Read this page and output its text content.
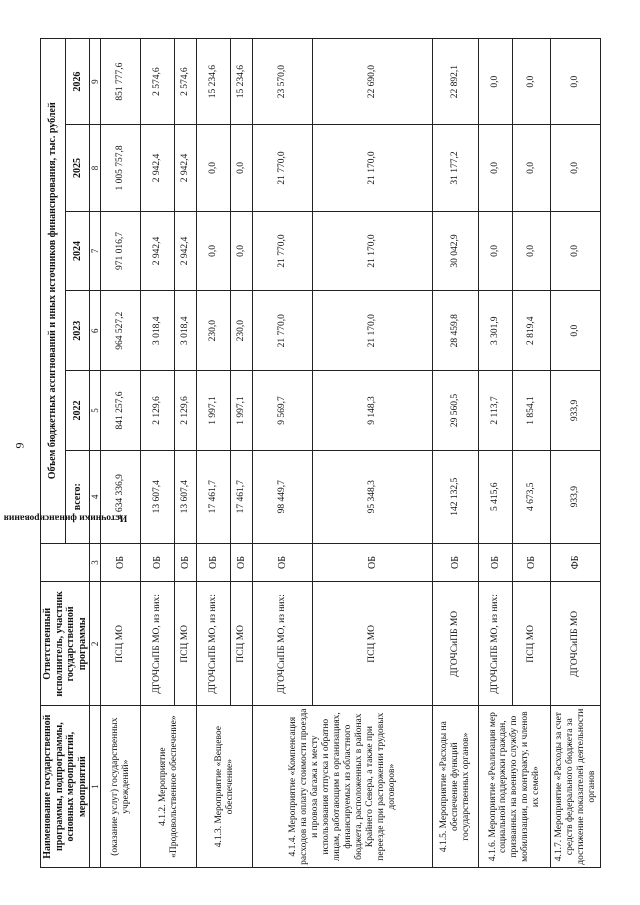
9
Наименование государственной программы, подпрограммы, основных мероприятий, мероприятий	Ответственный исполнитель, участник государственной программы	Источники финансирования	Объем бюджетных ассигнований и иных источников финансирования, тыс. рублей					
			всего:	2022	2023	2024	2025	2026
1	2	3	4	5	6	7	8	9
(оказание услуг) государственных учреждений»	ПСЦ МО	ОБ	4 634 336,9	841 257,6	964 527,2	971 016,7	1 005 757,8	851 777,6
4.1.2. Мероприятие «Продовольственное обеспечение»	ДГОЧСиПБ МО, из них:	ОБ	13 607,4	2 129,6	3 018,4	2 942,4	2 942,4	2 574,6
	ПСЦ МО	ОБ	13 607,4	2 129,6	3 018,4	2 942,4	2 942,4	2 574,6
4.1.3. Мероприятие «Вещевое обеспечение»	ДГОЧСиПБ МО, из них:	ОБ	17 461,7	1 997,1	230,0	0,0	0,0	15 234,6
	ПСЦ МО	ОБ	17 461,7	1 997,1	230,0	0,0	0,0	15 234,6
4.1.4. Мероприятие «Компенсация расходов на оплату стоимости проезда и провоза багажа к месту использования отпуска и обратно лицам, работающим в организациях, финансируемых из областного бюджета, расположенных в районах Крайнего Севера, а также при переезде при расторжении трудовых договоров»	ДГОЧСиПБ МО, из них:	ОБ	98 449,7	9 569,7	21 770,0	21 770,0	21 770,0	23 570,0
	ПСЦ МО	ОБ	95 348,3	9 148,3	21 170,0	21 170,0	21 170,0	22 690,0
4.1.5. Мероприятие «Расходы на обеспечение функций государственных органов»	ДГОЧСиПБ МО	ОБ	142 132,5	29 560,5	28 459,8	30 042,9	31 177,2	22 892,1
4.1.6. Мероприятие «Реализация мер социальной поддержки граждан, призванных на военную службу по мобилизации, по контракту, и членов их семей»	ДГОЧСиПБ МО, из них:	ОБ	5 415,6	2 113,7	3 301,9	0,0	0,0	0,0
	ПСЦ МО	ОБ	4 673,5	1 854,1	2 819,4	0,0	0,0	0,0
4.1.7. Мероприятие «Расходы за счет средств федерального бюджета за достижение показателей деятельности органов	ДГОЧСиПБ МО	ФБ	933,9	933,9	0,0	0,0	0,0	0,0
